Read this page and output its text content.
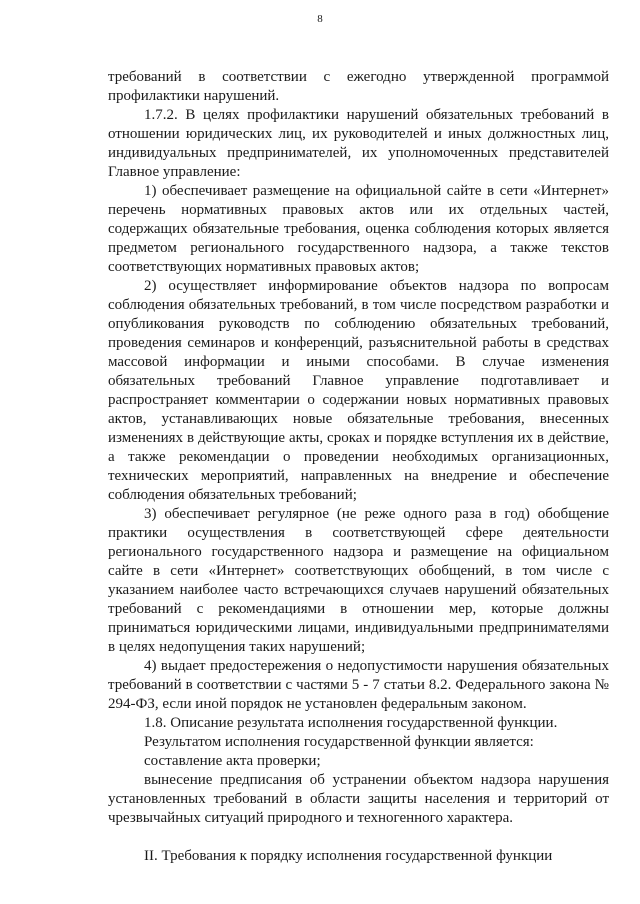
8

требований в соответствии с ежегодно утвержденной программой профилактики нарушений.

1.7.2. В целях профилактики нарушений обязательных требований в отношении юридических лиц, их руководителей и иных должностных лиц, индивидуальных предпринимателей, их уполномоченных представителей Главное управление:

1) обеспечивает размещение на официальной сайте в сети «Интернет» перечень нормативных правовых актов или их отдельных частей, содержащих обязательные требования, оценка соблюдения которых является предметом регионального государственного надзора, а также текстов соответствующих нормативных правовых актов;

2) осуществляет информирование объектов надзора по вопросам соблюдения обязательных требований, в том числе посредством разработки и опубликования руководств по соблюдению обязательных требований, проведения семинаров и конференций, разъяснительной работы в средствах массовой информации и иными способами. В случае изменения обязательных требований Главное управление подготавливает и распространяет комментарии о содержании новых нормативных правовых актов, устанавливающих новые обязательные требования, внесенных изменениях в действующие акты, сроках и порядке вступления их в действие, а также рекомендации о проведении необходимых организационных, технических мероприятий, направленных на внедрение и обеспечение соблюдения обязательных требований;

3) обеспечивает регулярное (не реже одного раза в год) обобщение практики осуществления в соответствующей сфере деятельности регионального государственного надзора и размещение на официальном сайте в сети «Интернет» соответствующих обобщений, в том числе с указанием наиболее часто встречающихся случаев нарушений обязательных требований с рекомендациями в отношении мер, которые должны приниматься юридическими лицами, индивидуальными предпринимателями в целях недопущения таких нарушений;

4) выдает предостережения о недопустимости нарушения обязательных требований в соответствии с частями 5 - 7 статьи 8.2. Федерального закона № 294-ФЗ, если иной порядок не установлен федеральным законом.

1.8. Описание результата исполнения государственной функции.

Результатом исполнения государственной функции является:

составление акта проверки;

вынесение предписания об устранении объектом надзора нарушения установленных требований в области защиты населения и территорий от чрезвычайных ситуаций природного и техногенного характера.

II. Требования к порядку исполнения государственной функции
